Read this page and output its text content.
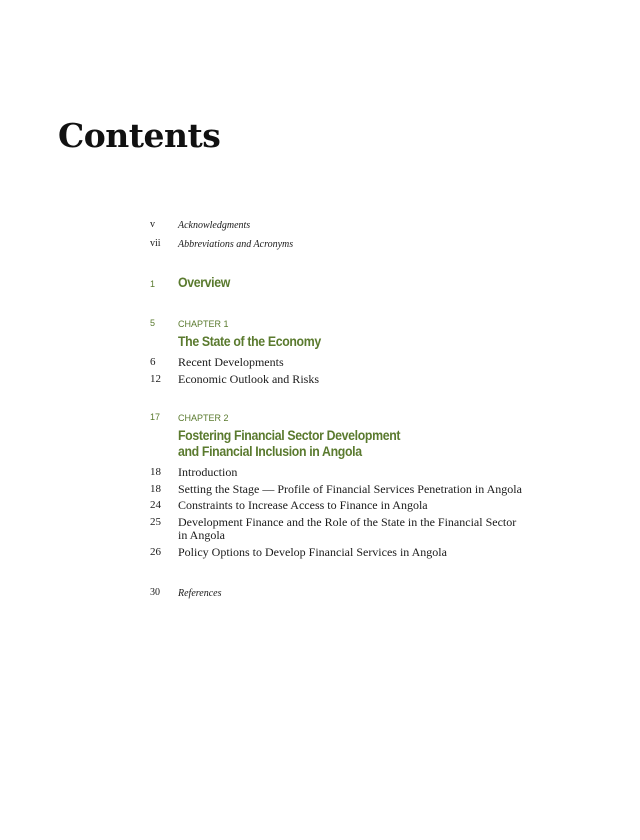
Contents
v Acknowledgments
vii Abbreviations and Acronyms
1 Overview
5	CHAPTER 1
The State of the Economy
6 Recent Developments
12 Economic Outlook and Risks
17 CHAPTER 2
Fostering Financial Sector Development
and Financial Inclusion in Angola
18 Introduction
18 Setting the Stage — Profile of Financial Services Penetration in Angola
24 Constraints to Increase Access to Finance in Angola
25 Development Finance and the Role of the State in the Financial Sector
in Angola
26 Policy Options to Develop Financial Services in Angola
30 References
